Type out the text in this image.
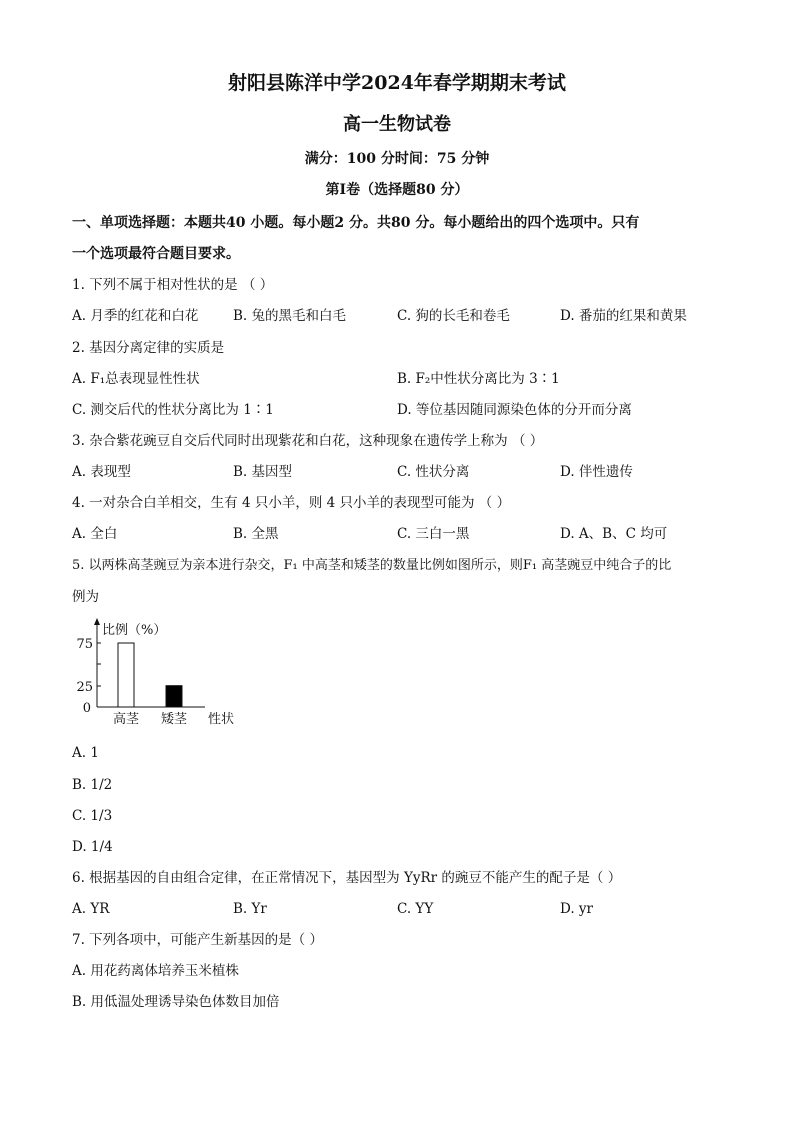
射阳县陈洋中学2024年春学期期末考试
高一生物试卷
满分：100 分时间：75 分钟
第Ⅰ卷（选择题80 分）
一、单项选择题：本题共40 小题。每小题2 分。共80 分。每小题给出的四个选项中。只有
一个选项最符合题目要求。
1. 下列不属于相对性状的是 （ ）
A. 月季的红花和白花	B. 兔的黑毛和白毛	C. 狗的长毛和卷毛	D. 番茄的红果和黄果
2. 基因分离定律的实质是
A. F₁总表现显性性状	B. F₂中性状分离比为 3∶1
C. 测交后代的性状分离比为 1∶1	D. 等位基因随同源染色体的分开而分离
3. 杂合紫花豌豆自交后代同时出现紫花和白花，这种现象在遗传学上称为 （ ）
A. 表现型	B. 基因型	C. 性状分离	D. 伴性遗传
4. 一对杂合白羊相交，生有 4 只小羊，则 4 只小羊的表现型可能为 （ ）
A. 全白	B. 全黑	C. 三白一黑	D. A、B、C 均可
5. 以两株高茎豌豆为亲本进行杂交，F₁ 中高茎和矮茎的数量比例如图所示，则F₁ 高茎豌豆中纯合子的比
例为
比例（%）
75
25
0
高茎 矮茎 性状
A. 1
B. 1/2
C. 1/3
D. 1/4
6. 根据基因的自由组合定律，在正常情况下，基因型为 YyRr 的豌豆不能产生的配子是（ ）
A. YR	B. Yr	C. YY	D. yr
7. 下列各项中，可能产生新基因的是（ ）
A. 用花药离体培养玉米植株
B. 用低温处理诱导染色体数目加倍
